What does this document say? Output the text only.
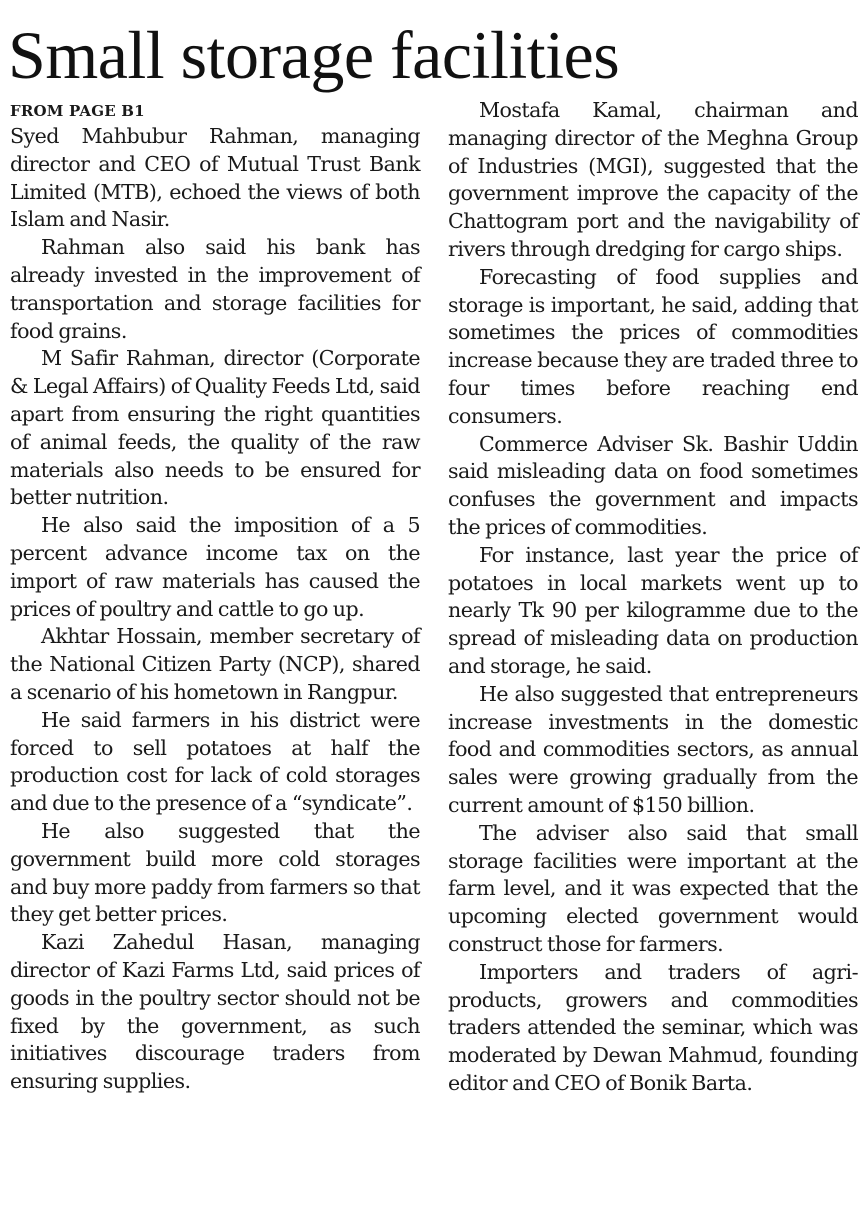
Small storage facilities
FROM PAGE B1

Syed Mahbubur Rahman, managing director and CEO of Mutual Trust Bank Limited (MTB), echoed the views of both Islam and Nasir.

Rahman also said his bank has already invested in the improvement of transportation and storage facilities for food grains.

M Safir Rahman, director (Corporate & Legal Affairs) of Quality Feeds Ltd, said apart from ensuring the right quantities of animal feeds, the quality of the raw materials also needs to be ensured for better nutrition.

He also said the imposition of a 5 percent advance income tax on the import of raw materials has caused the prices of poultry and cattle to go up.

Akhtar Hossain, member secretary of the National Citizen Party (NCP), shared a scenario of his hometown in Rangpur.

He said farmers in his district were forced to sell potatoes at half the production cost for lack of cold storages and due to the presence of a “syndicate”.

He also suggested that the government build more cold storages and buy more paddy from farmers so that they get better prices.

Kazi Zahedul Hasan, managing director of Kazi Farms Ltd, said prices of goods in the poultry sector should not be fixed by the government, as such initiatives discourage traders from ensuring supplies.

Mostafa Kamal, chairman and managing director of the Meghna Group of Industries (MGI), suggested that the government improve the capacity of the Chattogram port and the navigability of rivers through dredging for cargo ships.

Forecasting of food supplies and storage is important, he said, adding that sometimes the prices of commodities increase because they are traded three to four times before reaching end consumers.

Commerce Adviser Sk. Bashir Uddin said misleading data on food sometimes confuses the government and impacts the prices of commodities.

For instance, last year the price of potatoes in local markets went up to nearly Tk 90 per kilogramme due to the spread of misleading data on production and storage, he said.

He also suggested that entrepreneurs increase investments in the domestic food and commodities sectors, as annual sales were growing gradually from the current amount of $150 billion.

The adviser also said that small storage facilities were important at the farm level, and it was expected that the upcoming elected government would construct those for farmers.

Importers and traders of agri-products, growers and commodities traders attended the seminar, which was moderated by Dewan Mahmud, founding editor and CEO of Bonik Barta.
